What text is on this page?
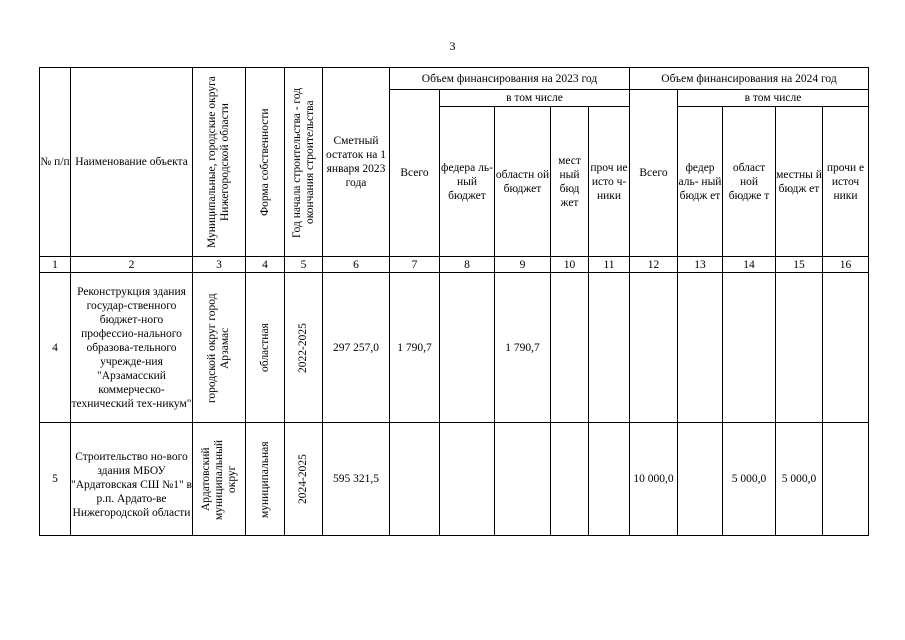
3
№ п/п	Наименование объекта	Муниципальные, городские округа Нижегородской области	Форма собственности	Год начала строительства - год окончания строительства	Сметный остаток на 1 января 2023 года	Объем финансирования на 2023 год					Объем финансирования на 2024 год				
						Всего	в том числе				Всего	в том числе			
							федера ль-ный бюджет	областн ой бюджет	мест ный бюд жет	проч ие исто ч- ники		федер аль- ный бюдж ет	област ной бюдже т	местны й бюдж ет	прочи е источ ники
1	2	3	4	5	6	7	8	9	10	11	12	13	14	15	16
4	Реконструкция здания государ-ственного бюджет-ного профессио-нального образова-тельного учрежде-ния "Арзамасский коммерческо-технический тех-никум"	городской округ город Арзамас	областная	2022-2025	297 257,0	1 790,7		1 790,7							
5	Строительство но-вого здания МБОУ "Ардатовская СШ №1" в р.п. Ардато-ве Нижегородской области	Ардатовский муниципальный округ	муниципальная	2024-2025	595 321,5						10 000,0		5 000,0	5 000,0	
